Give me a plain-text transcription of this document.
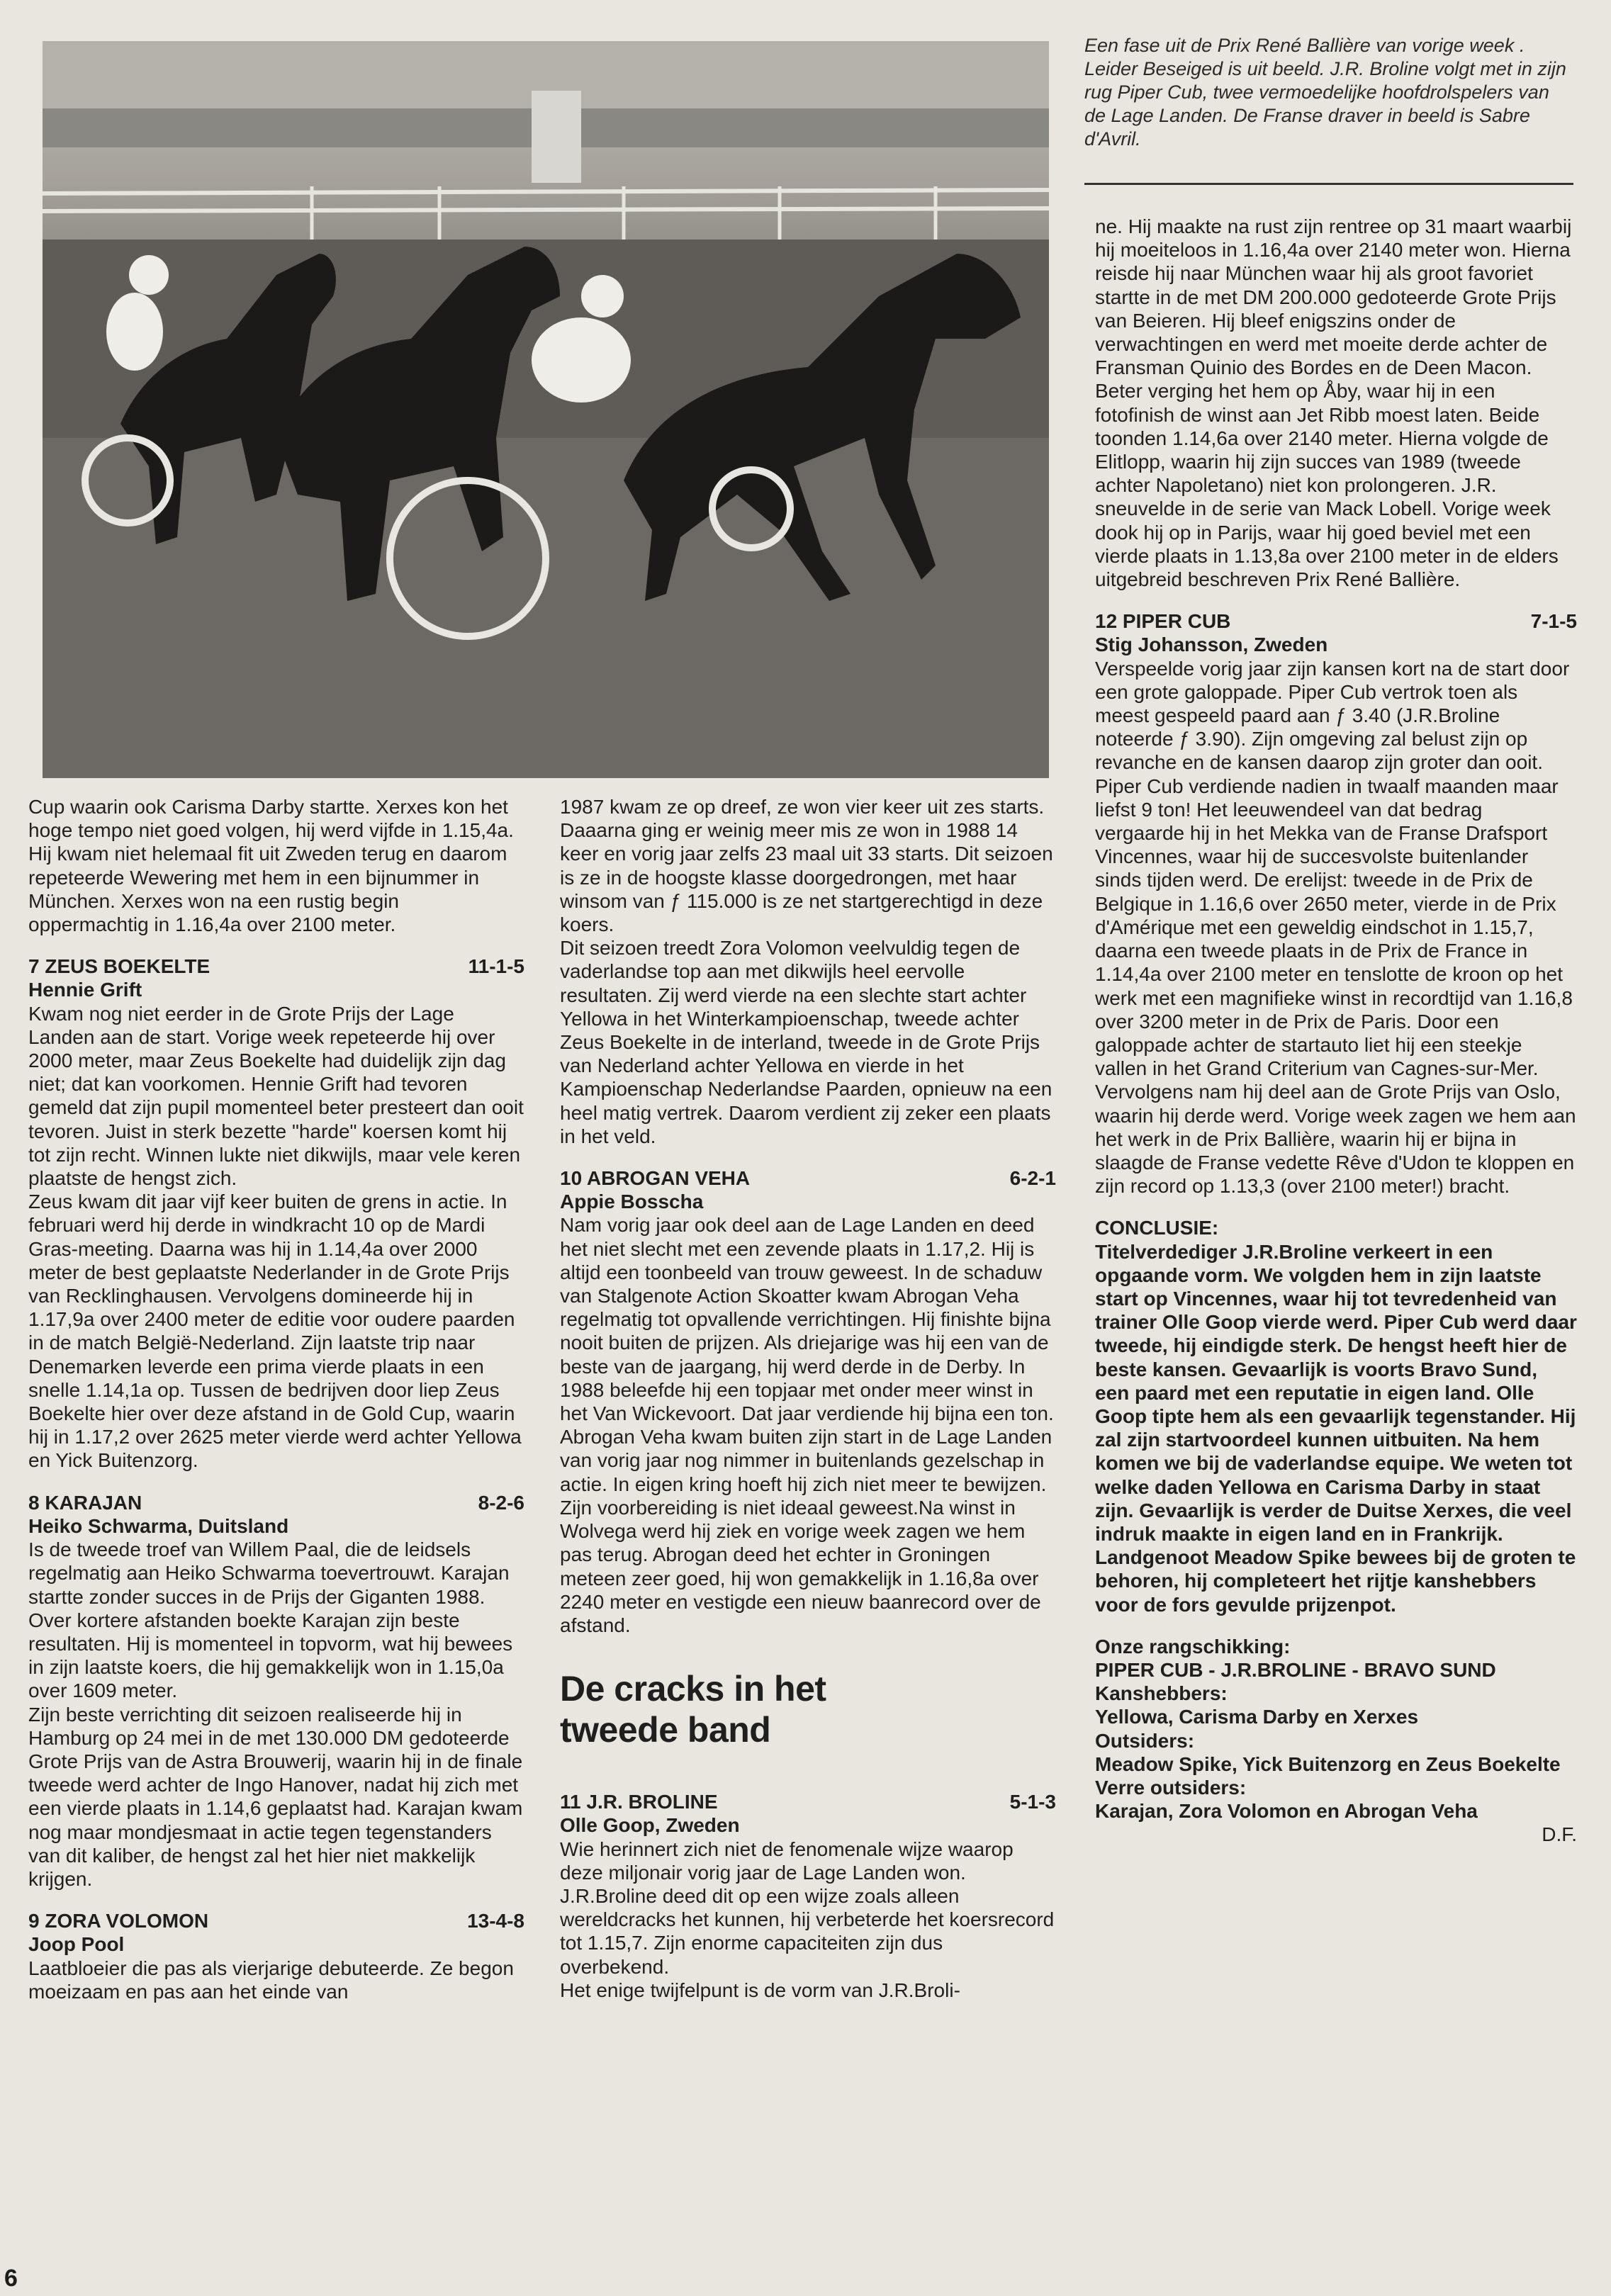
Een fase uit de Prix René Ballière van vorige week . Leider Beseiged is uit beeld. J.R. Broline volgt met in zijn rug Piper Cub, twee vermoedelijke hoofdrolspelers van de Lage Landen. De Franse draver in beeld is Sabre d'Avril.

Cup waarin ook Carisma Darby startte. Xerxes kon het hoge tempo niet goed volgen, hij werd vijfde in 1.15,4a. Hij kwam niet helemaal fit uit Zweden terug en daarom repeteerde Wewering met hem in een bijnummer in München. Xerxes won na een rustig begin oppermachtig in 1.16,4a over 2100 meter.

7 ZEUS BOEKELTE	11-1-5
Hennie Grift

Kwam nog niet eerder in de Grote Prijs der Lage Landen aan de start. Vorige week repeteerde hij over 2000 meter, maar Zeus Boekelte had duidelijk zijn dag niet; dat kan voorkomen. Hennie Grift had tevoren gemeld dat zijn pupil momenteel beter presteert dan ooit tevoren. Juist in sterk bezette "harde" koersen komt hij tot zijn recht. Winnen lukte niet dikwijls, maar vele keren plaatste de hengst zich.

Zeus kwam dit jaar vijf keer buiten de grens in actie. In februari werd hij derde in windkracht 10 op de Mardi Gras-meeting. Daarna was hij in 1.14,4a over 2000 meter de best geplaatste Nederlander in de Grote Prijs van Recklinghausen. Vervolgens domineerde hij in 1.17,9a over 2400 meter de editie voor oudere paarden in de match België-Nederland. Zijn laatste trip naar Denemarken leverde een prima vierde plaats in een snelle 1.14,1a op. Tussen de bedrijven door liep Zeus Boekelte hier over deze afstand in de Gold Cup, waarin hij in 1.17,2 over 2625 meter vierde werd achter Yellowa en Yick Buitenzorg.

8 KARAJAN	8-2-6
Heiko Schwarma, Duitsland

Is de tweede troef van Willem Paal, die de leidsels regelmatig aan Heiko Schwarma toevertrouwt. Karajan startte zonder succes in de Prijs der Giganten 1988. Over kortere afstanden boekte Karajan zijn beste resultaten. Hij is momenteel in topvorm, wat hij bewees in zijn laatste koers, die hij gemakkelijk won in 1.15,0a over 1609 meter.

Zijn beste verrichting dit seizoen realiseerde hij in Hamburg op 24 mei in de met 130.000 DM gedoteerde Grote Prijs van de Astra Brouwerij, waarin hij in de finale tweede werd achter de Ingo Hanover, nadat hij zich met een vierde plaats in 1.14,6 geplaatst had. Karajan kwam nog maar mondjesmaat in actie tegen tegenstanders van dit kaliber, de hengst zal het hier niet makkelijk krijgen.

9 ZORA VOLOMON	13-4-8
Joop Pool

Laatbloeier die pas als vierjarige debuteerde. Ze begon moeizaam en pas aan het einde van

1987 kwam ze op dreef, ze won vier keer uit zes starts. Daaarna ging er weinig meer mis ze won in 1988 14 keer en vorig jaar zelfs 23 maal uit 33 starts. Dit seizoen is ze in de hoogste klasse doorgedrongen, met haar winsom van ƒ 115.000 is ze net startgerechtigd in deze koers.

Dit seizoen treedt Zora Volomon veelvuldig tegen de vaderlandse top aan met dikwijls heel eervolle resultaten. Zij werd vierde na een slechte start achter Yellowa in het Winterkampioenschap, tweede achter Zeus Boekelte in de interland, tweede in de Grote Prijs van Nederland achter Yellowa en vierde in het Kampioenschap Nederlandse Paarden, opnieuw na een heel matig vertrek. Daarom verdient zij zeker een plaats in het veld.

10 ABROGAN VEHA	6-2-1
Appie Bosscha

Nam vorig jaar ook deel aan de Lage Landen en deed het niet slecht met een zevende plaats in 1.17,2. Hij is altijd een toonbeeld van trouw geweest. In de schaduw van Stalgenote Action Skoatter kwam Abrogan Veha regelmatig tot opvallende verrichtingen. Hij finishte bijna nooit buiten de prijzen. Als driejarige was hij een van de beste van de jaargang, hij werd derde in de Derby. In 1988 beleefde hij een topjaar met onder meer winst in het Van Wickevoort. Dat jaar verdiende hij bijna een ton. Abrogan Veha kwam buiten zijn start in de Lage Landen van vorig jaar nog nimmer in buitenlands gezelschap in actie. In eigen kring hoeft hij zich niet meer te bewijzen.

Zijn voorbereiding is niet ideaal geweest.Na winst in Wolvega werd hij ziek en vorige week zagen we hem pas terug. Abrogan deed het echter in Groningen meteen zeer goed, hij won gemakkelijk in 1.16,8a over 2240 meter en vestigde een nieuw baanrecord over de afstand.

De cracks in het
tweede band
11 J.R. BROLINE	5-1-3
Olle Goop, Zweden

Wie herinnert zich niet de fenomenale wijze waarop deze miljonair vorig jaar de Lage Landen won. J.R.Broline deed dit op een wijze zoals alleen wereldcracks het kunnen, hij verbeterde het koersrecord tot 1.15,7. Zijn enorme capaciteiten zijn dus overbekend.

Het enige twijfelpunt is de vorm van J.R.Broli-

ne. Hij maakte na rust zijn rentree op 31 maart waarbij hij moeiteloos in 1.16,4a over 2140 meter won. Hierna reisde hij naar München waar hij als groot favoriet startte in de met DM 200.000 gedoteerde Grote Prijs van Beieren. Hij bleef enigszins onder de verwachtingen en werd met moeite derde achter de Fransman Quinio des Bordes en de Deen Macon.

Beter verging het hem op Åby, waar hij in een fotofinish de winst aan Jet Ribb moest laten. Beide toonden 1.14,6a over 2140 meter. Hierna volgde de Elitlopp, waarin hij zijn succes van 1989 (tweede achter Napoletano) niet kon prolongeren. J.R. sneuvelde in de serie van Mack Lobell. Vorige week dook hij op in Parijs, waar hij goed beviel met een vierde plaats in 1.13,8a over 2100 meter in de elders uitgebreid beschreven Prix René Ballière.

12 PIPER CUB	7-1-5
Stig Johansson, Zweden

Verspeelde vorig jaar zijn kansen kort na de start door een grote galoppade. Piper Cub vertrok toen als meest gespeeld paard aan ƒ 3.40 (J.R.Broline noteerde ƒ 3.90). Zijn omgeving zal belust zijn op revanche en de kansen daarop zijn groter dan ooit.

Piper Cub verdiende nadien in twaalf maanden maar liefst 9 ton! Het leeuwendeel van dat bedrag vergaarde hij in het Mekka van de Franse Drafsport Vincennes, waar hij de succesvolste buitenlander sinds tijden werd. De erelijst: tweede in de Prix de Belgique in 1.16,6 over 2650 meter, vierde in de Prix d'Amérique met een geweldig eindschot in 1.15,7, daarna een tweede plaats in de Prix de France in 1.14,4a over 2100 meter en tenslotte de kroon op het werk met een magnifieke winst in recordtijd van 1.16,8 over 3200 meter in de Prix de Paris. Door een galoppade achter de startauto liet hij een steekje vallen in het Grand Criterium van Cagnes-sur-Mer. Vervolgens nam hij deel aan de Grote Prijs van Oslo, waarin hij derde werd. Vorige week zagen we hem aan het werk in de Prix Ballière, waarin hij er bijna in slaagde de Franse vedette Rêve d'Udon te kloppen en zijn record op 1.13,3 (over 2100 meter!) bracht.

CONCLUSIE:

Titelverdediger J.R.Broline verkeert in een opgaande vorm. We volgden hem in zijn laatste start op Vincennes, waar hij tot tevredenheid van trainer Olle Goop vierde werd. Piper Cub werd daar tweede, hij eindigde sterk. De hengst heeft hier de beste kansen. Gevaarlijk is voorts Bravo Sund, een paard met een reputatie in eigen land. Olle Goop tipte hem als een gevaarlijk tegenstander. Hij zal zijn startvoordeel kunnen uitbuiten. Na hem komen we bij de vaderlandse equipe. We weten tot welke daden Yellowa en Carisma Darby in staat zijn. Gevaarlijk is verder de Duitse Xerxes, die veel indruk maakte in eigen land en in Frankrijk. Landgenoot Meadow Spike bewees bij de groten te behoren, hij completeert het rijtje kanshebbers voor de fors gevulde prijzenpot.

Onze rangschikking:
PIPER CUB - J.R.BROLINE - BRAVO SUND
Kanshebbers:
Yellowa, Carisma Darby en Xerxes
Outsiders:
Meadow Spike, Yick Buitenzorg en Zeus Boekelte
Verre outsiders:
Karajan, Zora Volomon en Abrogan Veha
D.F.
6
